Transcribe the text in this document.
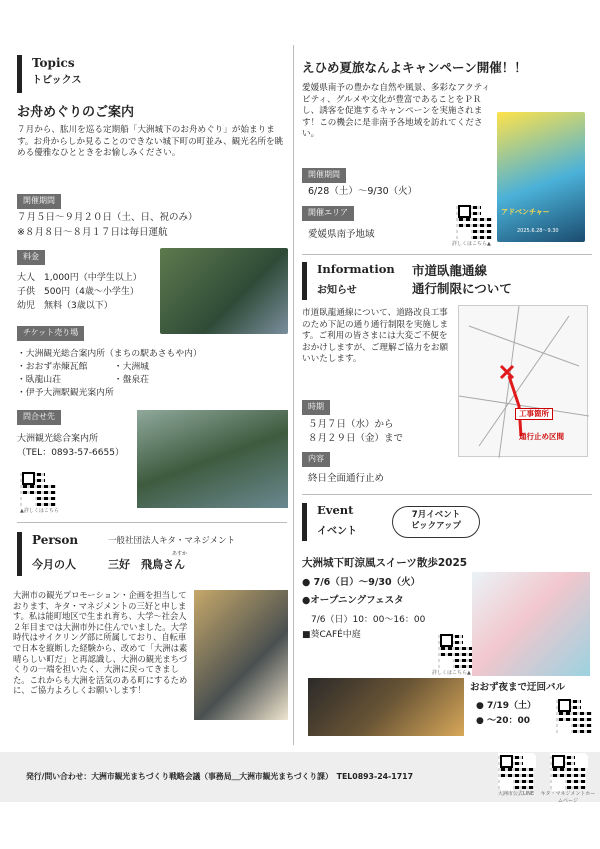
Topics
トピックス
お舟めぐりのご案内
７月から、肱川を巡る定期船「大洲城下のお舟めぐり」が始まります。お舟からしか見ることのできない城下町の町並み、観光名所を眺める優雅なひとときをお愉しみください。
開催期間
７月５日〜９月２０日（土、日、祝のみ）
※８月８日〜８月１７日は毎日運航
料金
大人　1,000円（中学生以上）
子供　500円（4歳〜小学生）
幼児　無料（3歳以下）
チケット売り場
・大洲観光総合案内所（まちの駅あさもや内）
・おおず赤煉瓦館　　　・大洲城
・臥龍山荘　　　　　　・盤泉荘
・伊予大洲駅観光案内所
問合せ先
大洲観光総合案内所
（TEL：0893-57-6655）
▲詳しくはこちら
Person
今月の人
一般社団法人キタ・マネジメント
あすか
三好　飛鳥さん
大洲市の観光プロモーション・企画を担当しております、キタ・マネジメントの三好と申します。私は能町地区で生まれ育ち、大学〜社会人２年目までは大洲市外に住んでいました。大学時代はサイクリング部に所属しており、自転車で日本を縦断した経験から、改めて「大洲は素晴らしい町だ」と再認識し、大洲の観光まちづくりの一端を担いたく、大洲に戻ってきました。これからも大洲を活気のある町にするために、ご協力よろしくお願いします！
えひめ夏旅なんよキャンペーン開催！！
愛媛県南予の豊かな自然や風景、多彩なアクティビティ、グルメや文化が豊富であることをＰＲし、誘客を促進するキャンペーンを実施されます！この機会に是非南予各地域を訪れてください。
開催期間
6/28（土）〜9/30（火）
開催エリア
愛媛県南予地域
詳しくはこちら▲
アドベンチャー
2025.6.28〜9.30
Information
お知らせ
市道臥龍通線
通行制限について
市道臥龍通線について、道路改良工事のため下記の通り通行制限を実施します。ご利用の皆さまには大変ご不便をおかけしますが、ご理解ご協力をお願いいたします。
工事箇所
通行止め区間
時期
５月７日（水）から
８月２９日（金）まで
内容
終日全面通行止め
Event
イベント
7月イベント
ピックアップ
大洲城下町涼風スイーツ散歩2025
● 7/6（日）〜9/30（火）
●オープニングフェスタ
　7/6（日）10：00〜16：00
■葵CAFÉ中庭
詳しくはこちら▲
おおず夜まで迂回バル
● 7/19（土）
● 〜20：00
発行/問い合わせ：大洲市観光まちづくり戦略会議（事務局＿大洲市観光まちづくり課）　TEL0893-24-1717
大洲市公式LINE	キタ・マネジメントホームページ
